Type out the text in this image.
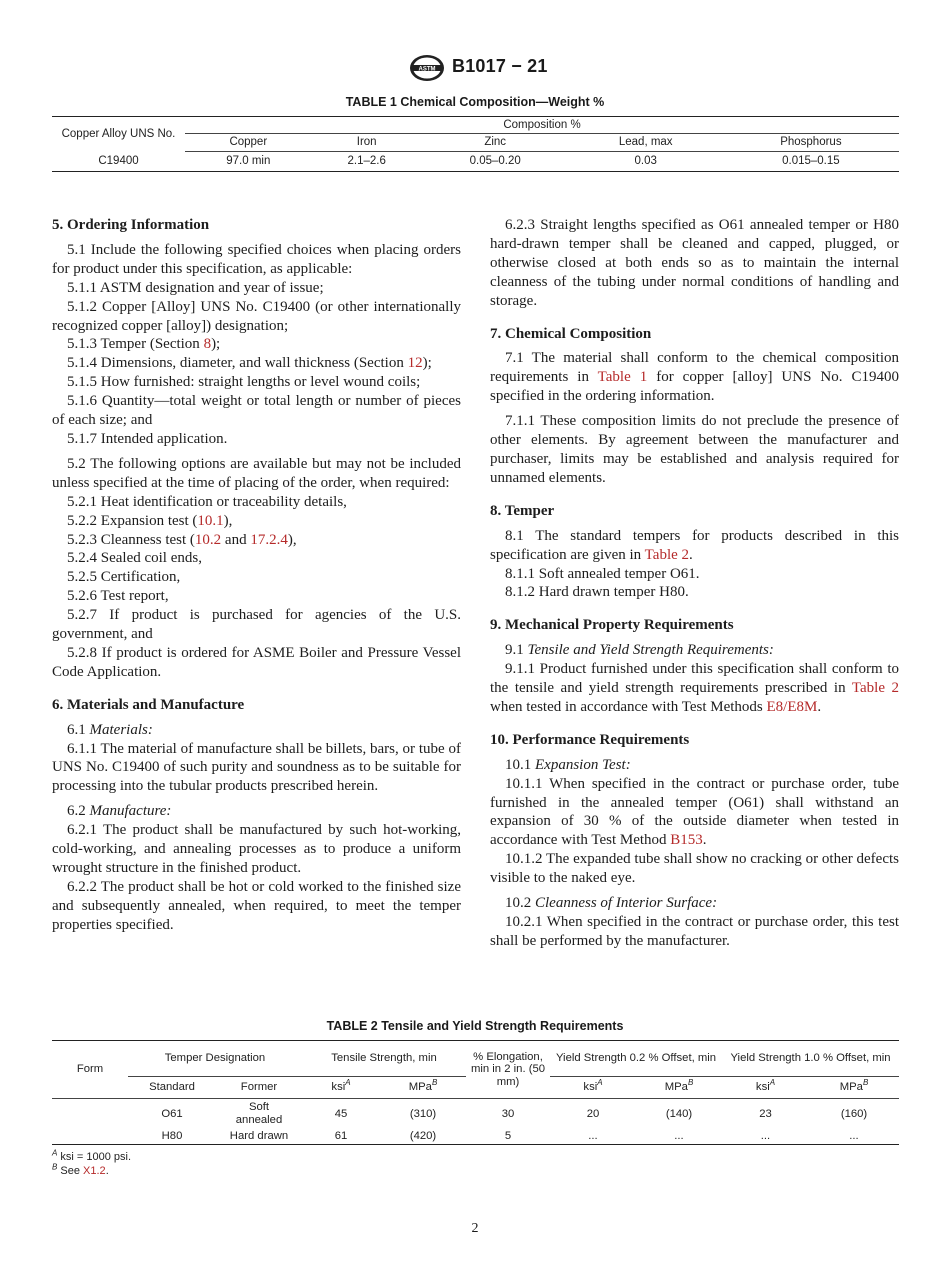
ASTM B1017 − 21
TABLE 1 Chemical Composition—Weight %
Copper Alloy UNS No.	Composition %				
	Copper	Iron	Zinc	Lead, max	Phosphorus
C19400	97.0 min	2.1–2.6	0.05–0.20	0.03	0.015–0.15
5. Ordering Information

5.1 Include the following specified choices when placing orders for product under this specification, as applicable:

5.1.1 ASTM designation and year of issue;

5.1.2 Copper [Alloy] UNS No. C19400 (or other internationally recognized copper [alloy]) designation;

5.1.3 Temper (Section 8);

5.1.4 Dimensions, diameter, and wall thickness (Section 12);

5.1.5 How furnished: straight lengths or level wound coils;

5.1.6 Quantity—total weight or total length or number of pieces of each size; and

5.1.7 Intended application.

5.2 The following options are available but may not be included unless specified at the time of placing of the order, when required:

5.2.1 Heat identification or traceability details,

5.2.2 Expansion test (10.1),

5.2.3 Cleanness test (10.2 and 17.2.4),

5.2.4 Sealed coil ends,

5.2.5 Certification,

5.2.6 Test report,

5.2.7 If product is purchased for agencies of the U.S. government, and

5.2.8 If product is ordered for ASME Boiler and Pressure Vessel Code Application.

6. Materials and Manufacture

6.1 Materials:

6.1.1 The material of manufacture shall be billets, bars, or tube of UNS No. C19400 of such purity and soundness as to be suitable for processing into the tubular products prescribed herein.

6.2 Manufacture:

6.2.1 The product shall be manufactured by such hot-working, cold-working, and annealing processes as to produce a uniform wrought structure in the finished product.

6.2.2 The product shall be hot or cold worked to the finished size and subsequently annealed, when required, to meet the temper properties specified.

6.2.3 Straight lengths specified as O61 annealed temper or H80 hard-drawn temper shall be cleaned and capped, plugged, or otherwise closed at both ends so as to maintain the internal cleanness of the tubing under normal conditions of handling and storage.

7. Chemical Composition

7.1 The material shall conform to the chemical composition requirements in Table 1 for copper [alloy] UNS No. C19400 specified in the ordering information.

7.1.1 These composition limits do not preclude the presence of other elements. By agreement between the manufacturer and purchaser, limits may be established and analysis required for unnamed elements.

8. Temper

8.1 The standard tempers for products described in this specification are given in Table 2.

8.1.1 Soft annealed temper O61.

8.1.2 Hard drawn temper H80.

9. Mechanical Property Requirements

9.1 Tensile and Yield Strength Requirements:

9.1.1 Product furnished under this specification shall conform to the tensile and yield strength requirements prescribed in Table 2 when tested in accordance with Test Methods E8/E8M.

10. Performance Requirements

10.1 Expansion Test:

10.1.1 When specified in the contract or purchase order, tube furnished in the annealed temper (O61) shall withstand an expansion of 30 % of the outside diameter when tested in accordance with Test Method B153.

10.1.2 The expanded tube shall show no cracking or other defects visible to the naked eye.

10.2 Cleanness of Interior Surface:

10.2.1 When specified in the contract or purchase order, this test shall be performed by the manufacturer.

TABLE 2 Tensile and Yield Strength Requirements
Form	Temper Designation		Tensile Strength, min		% Elongation, min in 2 in. (50 mm)	Yield Strength 0.2 % Offset, min		Yield Strength 1.0 % Offset, min	
	Standard	Former	ksi$^A$	MPa$^B$		ksi$^A$	MPa$^B$	ksi$^A$	MPa$^B$
	O61	Soft annealed	45	(310)	30	20	(140)	23	(160)
	H80	Hard drawn	61	(420)	5	...	...	...	...
$^A$ ksi = 1000 psi.
$^B$ See X1.2.
2
